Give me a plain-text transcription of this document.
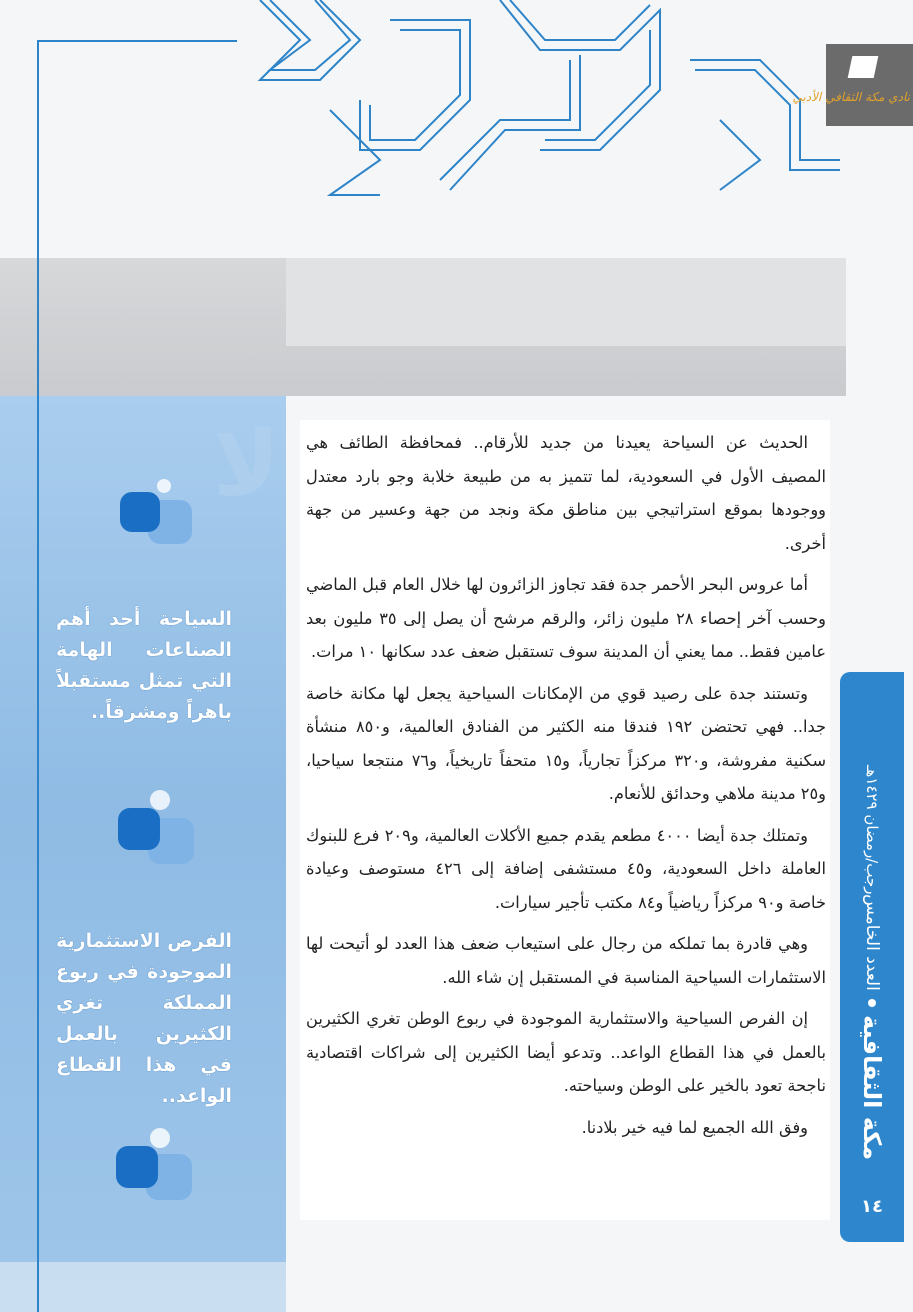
ﻻ الحديث عن السياحة يعيدنا من جديد للأرقام.. فمحافظة الطائف هي المصيف الأول في السعودية، لما تتميز به من طبيعة خلابة وجو بارد معتدل ووجودها بموقع استراتيجي بين مناطق مكة ونجد من جهة وعسير من جهة أخرى.

أما عروس البحر الأحمر جدة فقد تجاوز الزائرون لها خلال العام قبل الماضي وحسب آخر إحصاء ٢٨ مليون زائر، والرقم مرشح أن يصل إلى ٣٥ مليون بعد عامين فقط.. مما يعني أن المدينة سوف تستقبل ضعف عدد سكانها ١٠ مرات.

وتستند جدة على رصيد قوي من الإمكانات السياحية يجعل لها مكانة خاصة جدا.. فهي تحتضن ١٩٢ فندقا منه الكثير من الفنادق العالمية، و٨٥٠ منشأة سكنية مفروشة، و٣٢٠ مركزاً تجارياً، و١٥ متحفاً تاريخياً، و٧٦ منتجعا سياحيا، و٢٥ مدينة ملاهي وحدائق للأنعام.

وتمتلك جدة أيضا ٤٠٠٠ مطعم يقدم جميع الأكلات العالمية، و٢٠٩ فرع للبنوك العاملة داخل السعودية، و٤٥ مستشفى إضافة إلى ٤٢٦ مستوصف وعيادة خاصة و٩٠ مركزاً رياضياً و٨٤ مكتب تأجير سيارات.

وهي قادرة بما تملكه من رجال على استيعاب ضعف هذا العدد لو أتيحت لها الاستثمارات السياحية المناسبة في المستقبل إن شاء الله.

إن الفرص السياحية والاستثمارية الموجودة في ربوع الوطن تغري الكثيرين بالعمل في هذا القطاع الواعد.. وتدعو أيضا الكثيرين إلى شراكات اقتصادية ناجحة تعود بالخير على الوطن وسياحته.

وفق الله الجميع لما فيه خير بلادنا.

السياحة أحد أهم الصناعات الهامة التي تمثل مستقبلاً باهراً ومشرقاً..
الفرص الاستثمارية الموجودة في ربوع المملكة تغري الكثيرين بالعمل في هذا القطاع الواعد..
نادي مكة الثقافي الأدبي
مكة الثقافية
العدد الخامس
رجب/رمضان ١٤٢٩هـ
١٤
